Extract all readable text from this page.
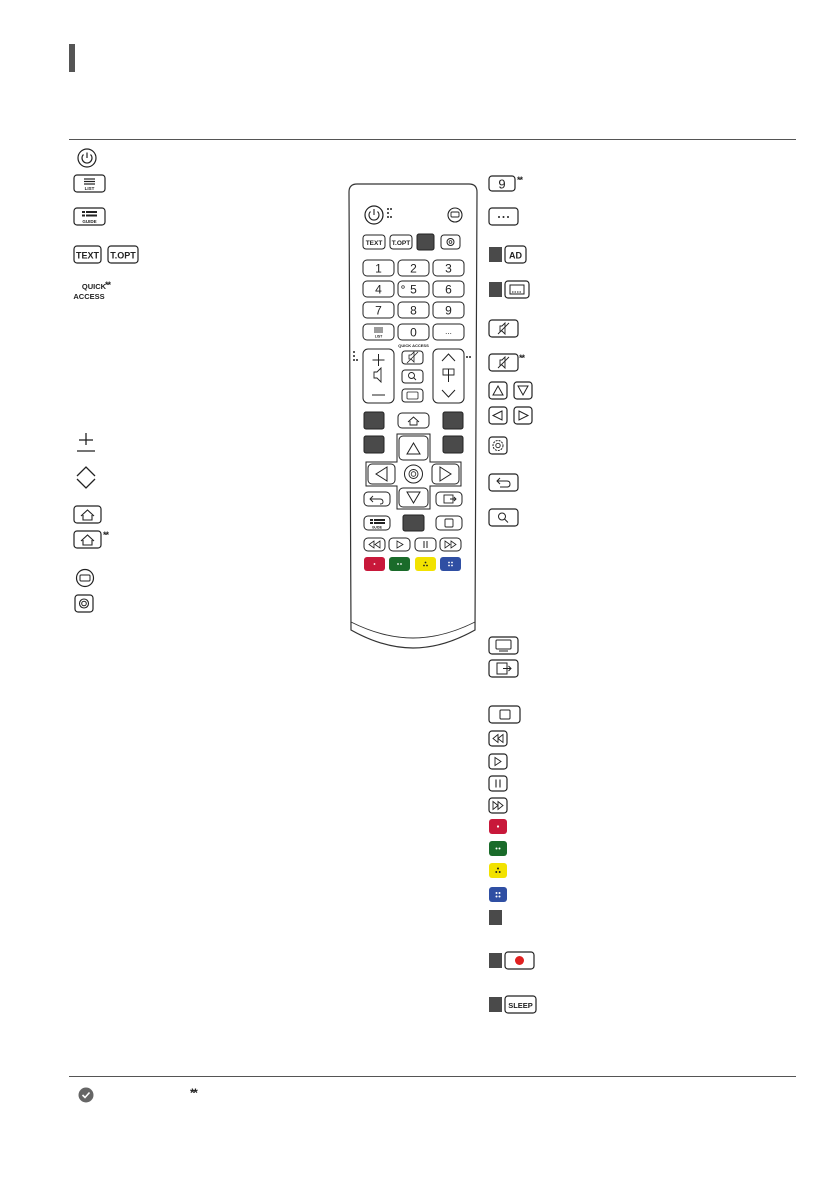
LIST
GUIDE
TEXT T.OPT
QUICK
ACCESS
**
**
TEXT T.OPT
1 2 3
4 5 6
7 8 9
LIST 0	...
QUICK ACCESS
GUIDE
9 **
AD
**
SLEEP
**
